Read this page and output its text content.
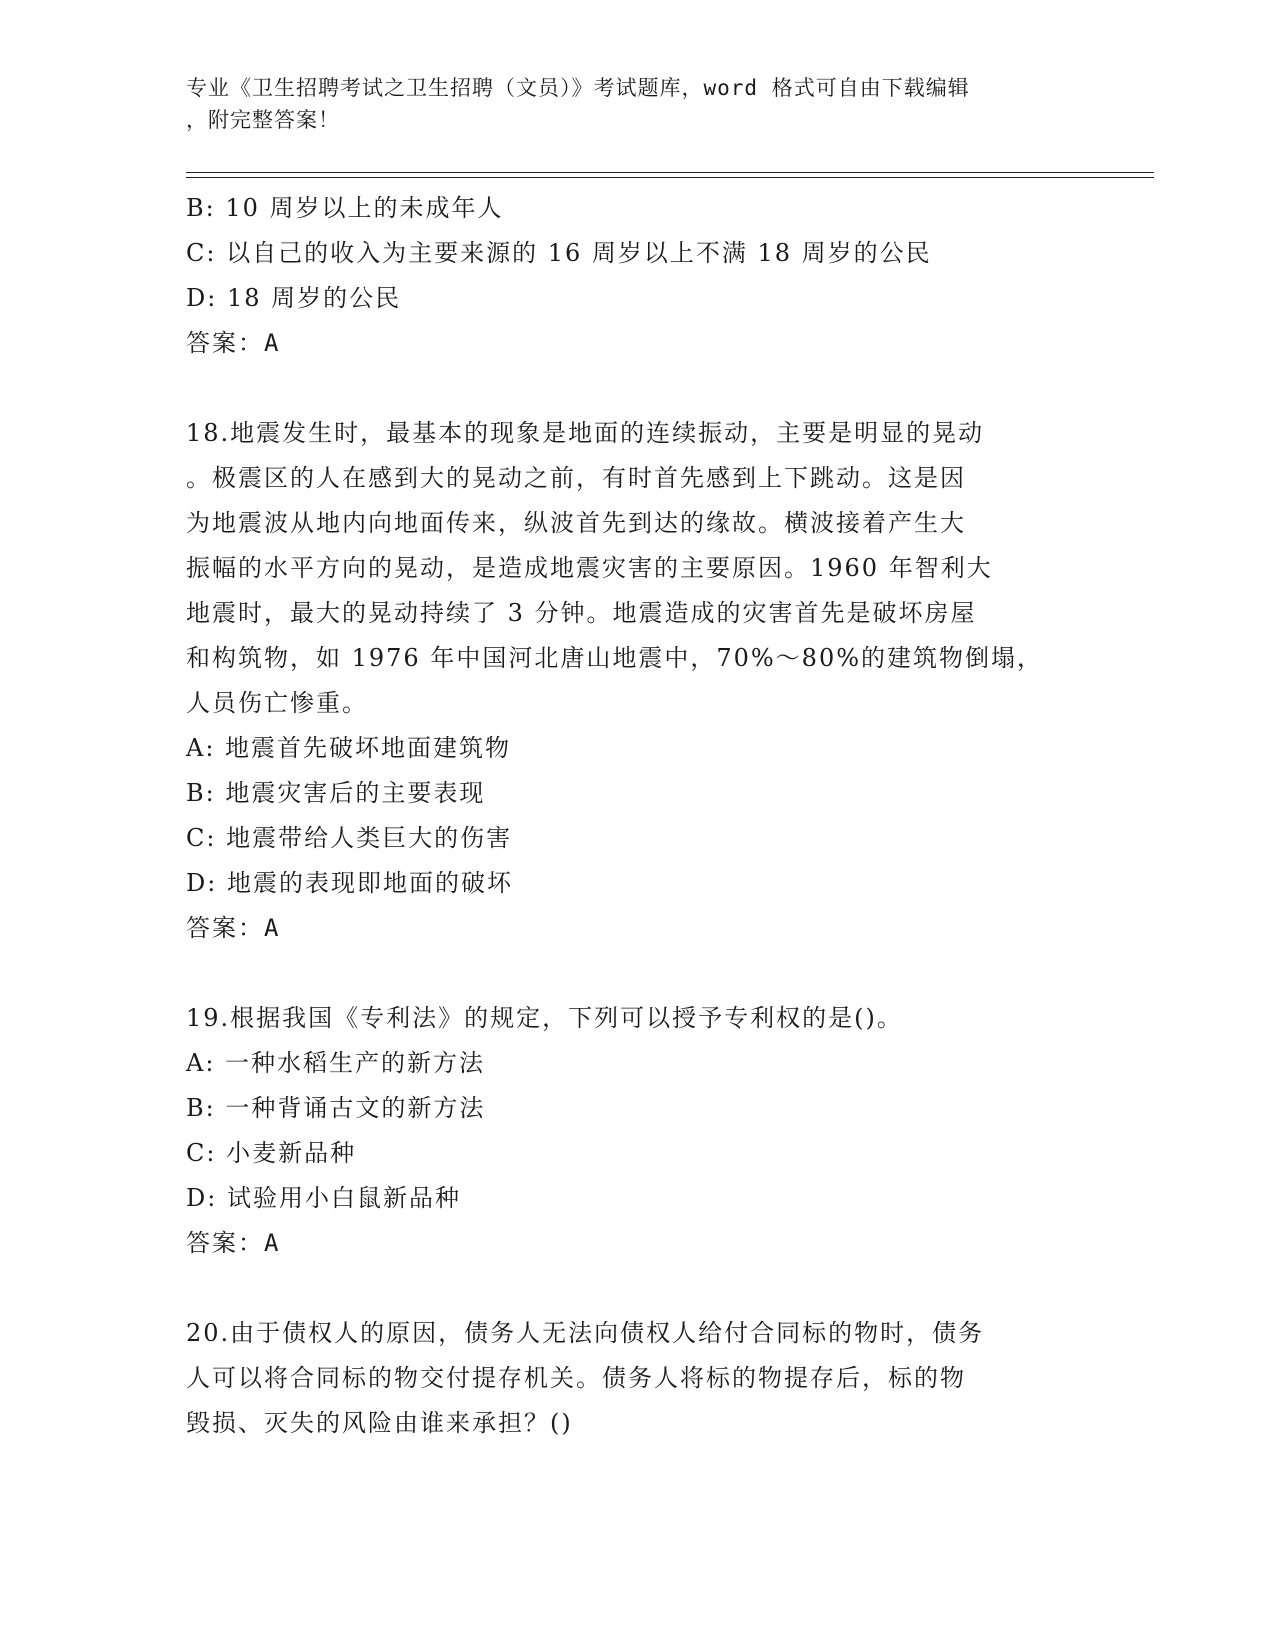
专业《卫生招聘考试之卫生招聘（文员）》考试题库，word 格式可自由下载编辑
，附完整答案！
B: 10 周岁以上的未成年人
C: 以自己的收入为主要来源的 16 周岁以上不满 18 周岁的公民
D: 18 周岁的公民
答案：A
18.地震发生时，最基本的现象是地面的连续振动，主要是明显的晃动
。极震区的人在感到大的晃动之前，有时首先感到上下跳动。这是因
为地震波从地内向地面传来，纵波首先到达的缘故。横波接着产生大
振幅的水平方向的晃动，是造成地震灾害的主要原因。1960 年智利大
地震时，最大的晃动持续了 3 分钟。地震造成的灾害首先是破坏房屋
和构筑物，如 1976 年中国河北唐山地震中，70%～80%的建筑物倒塌，
人员伤亡惨重。
A: 地震首先破坏地面建筑物
B: 地震灾害后的主要表现
C: 地震带给人类巨大的伤害
D: 地震的表现即地面的破坏
答案：A
19.根据我国《专利法》的规定，下列可以授予专利权的是()。
A: 一种水稻生产的新方法
B: 一种背诵古文的新方法
C: 小麦新品种
D: 试验用小白鼠新品种
答案：A
20.由于债权人的原因，债务人无法向债权人给付合同标的物时，债务
人可以将合同标的物交付提存机关。债务人将标的物提存后，标的物
毁损、灭失的风险由谁来承担？()
